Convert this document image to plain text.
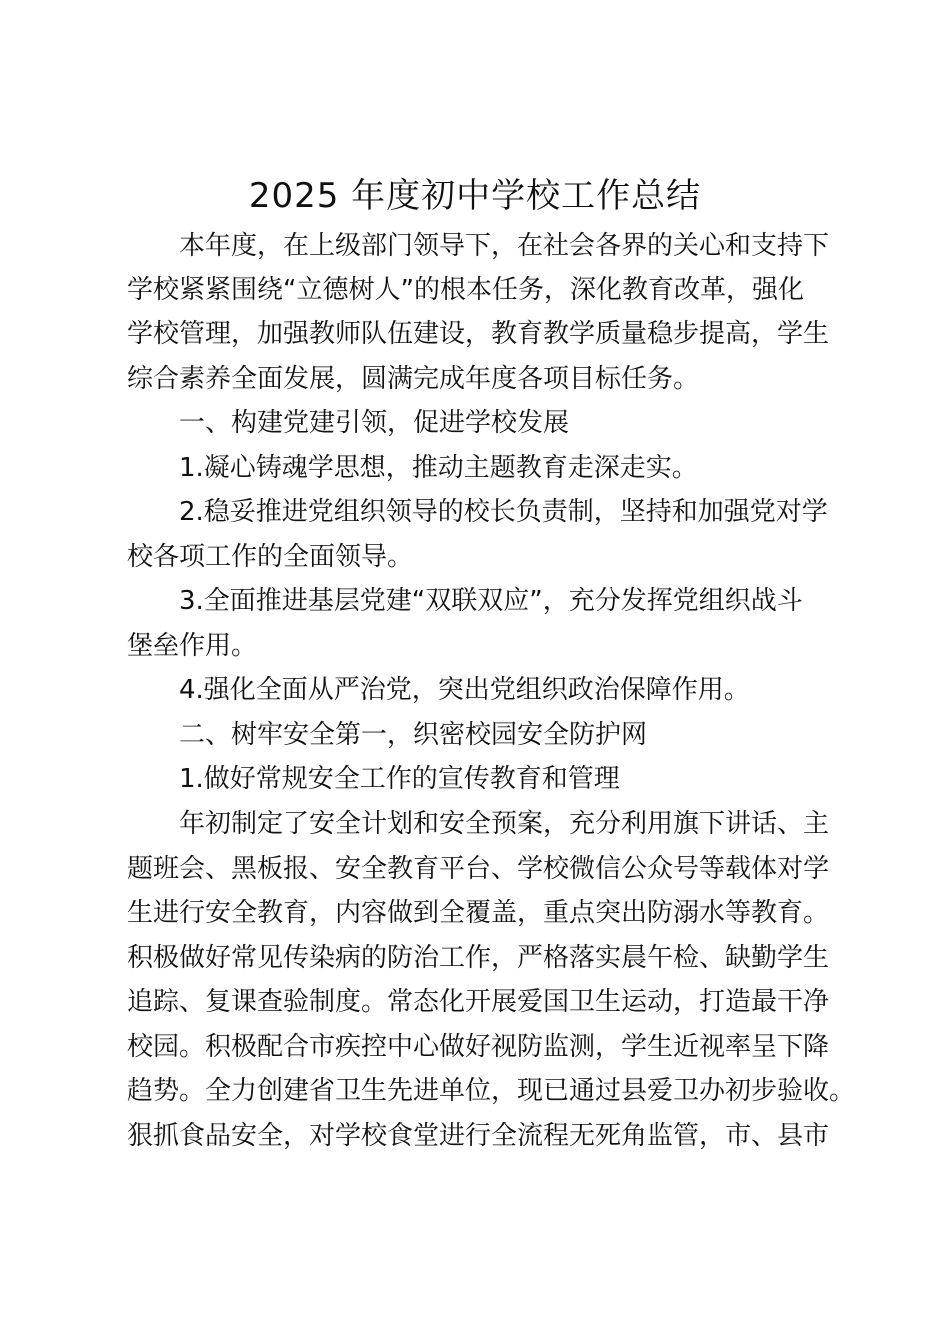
2025 年度初中学校工作总结
本年度，在上级部门领导下，在社会各界的关心和支持下
学校紧紧围绕“立德树人”的根本任务，深化教育改革，强化
学校管理，加强教师队伍建设，教育教学质量稳步提高，学生
综合素养全面发展，圆满完成年度各项目标任务。
一、构建党建引领，促进学校发展
1.凝心铸魂学思想，推动主题教育走深走实。
2.稳妥推进党组织领导的校长负责制，坚持和加强党对学
校各项工作的全面领导。
3.全面推进基层党建“双联双应”，充分发挥党组织战斗
堡垒作用。
4.强化全面从严治党，突出党组织政治保障作用。
二、树牢安全第一，织密校园安全防护网
1.做好常规安全工作的宣传教育和管理
年初制定了安全计划和安全预案，充分利用旗下讲话、主
题班会、黑板报、安全教育平台、学校微信公众号等载体对学
生进行安全教育，内容做到全覆盖，重点突出防溺水等教育。
积极做好常见传染病的防治工作，严格落实晨午检、缺勤学生
追踪、复课查验制度。常态化开展爱国卫生运动，打造最干净
校园。积极配合市疾控中心做好视防监测，学生近视率呈下降
趋势。全力创建省卫生先进单位，现已通过县爱卫办初步验收。
狠抓食品安全，对学校食堂进行全流程无死角监管，市、县市
